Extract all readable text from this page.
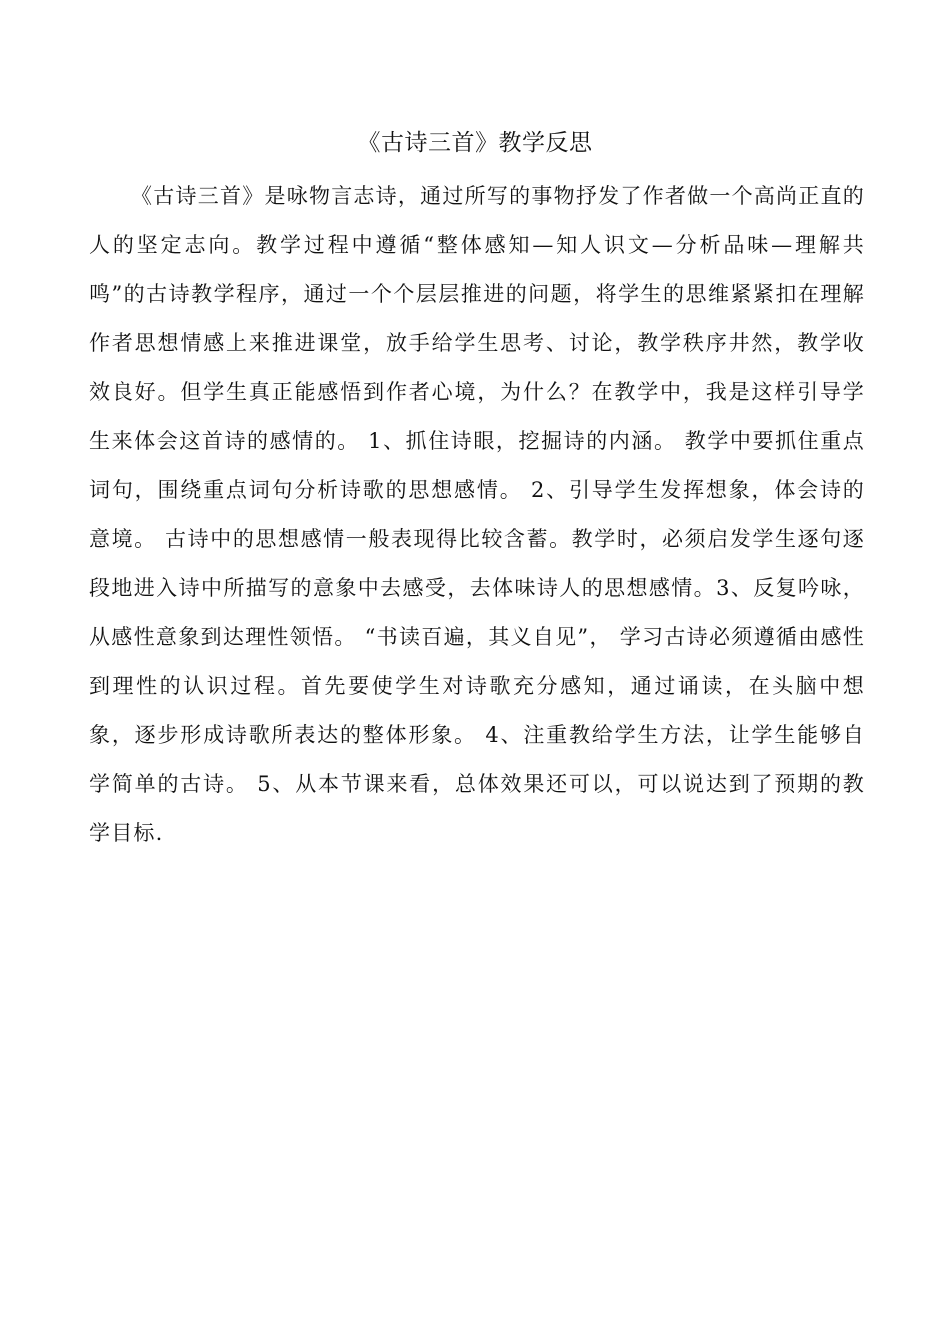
《古诗三首》教学反思

《古诗三首》是咏物言志诗，通过所写的事物抒发了作者做一个高尚正直的人的坚定志向。教学过程中遵循“整体感知—知人识文—分析品味—理解共鸣”的古诗教学程序，通过一个个层层推进的问题，将学生的思维紧紧扣在理解作者思想情感上来推进课堂，放手给学生思考、讨论，教学秩序井然，教学收效良好。但学生真正能感悟到作者心境，为什么？在教学中，我是这样引导学生来体会这首诗的感情的。 1、抓住诗眼，挖掘诗的内涵。 教学中要抓住重点词句，围绕重点词句分析诗歌的思想感情。 2、引导学生发挥想象，体会诗的意境。 古诗中的思想感情一般表现得比较含蓄。教学时，必须启发学生逐句逐段地进入诗中所描写的意象中去感受，去体味诗人的思想感情。3、反复吟咏，从感性意象到达理性领悟。 “书读百遍，其义自见”， 学习古诗必须遵循由感性到理性的认识过程。首先要使学生对诗歌充分感知，通过诵读，在头脑中想象，逐步形成诗歌所表达的整体形象。 4、注重教给学生方法，让学生能够自学简单的古诗。 5、从本节课来看，总体效果还可以，可以说达到了预期的教学目标.
